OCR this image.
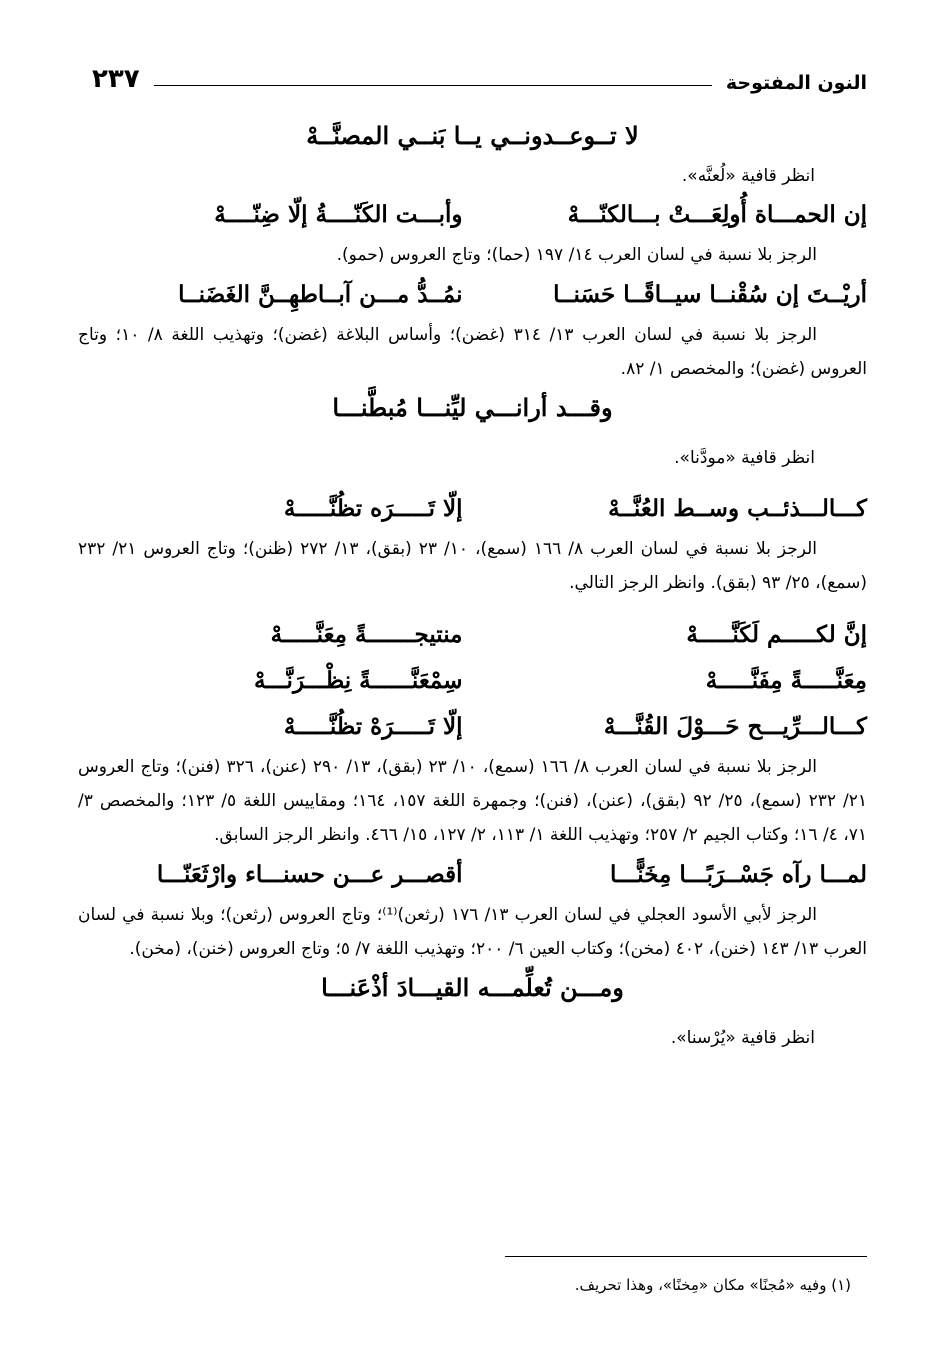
النون المفتوحة
٢٣٧
لا تــوعــدونــي يــا بَنــي المصنَّــهْ
انظر قافية «لُعنَّه».
إن الحمـــاة أُولِعَـــتْ بـــالكنّـــهْ
وأبـــت الكَنّــــةُ إلّا ضِنّــــهْ
الرجز بلا نسبة في لسان العرب ١٤/ ١٩٧ (حما)؛ وتاج العروس (حمو).
أريْــتَ إن سُقْنــا سيــاقًــا حَسَنــا
نمُــدُّ مـــن آبــاطهِــنَّ الغَضَنــا
الرجز بلا نسبة في لسان العرب ١٣/ ٣١٤ (غضن)؛ وأساس البلاغة (غضن)؛ وتهذيب اللغة ٨/ ١٠؛ وتاج العروس (غضن)؛ والمخصص ١/ ٨٢.
وقـــد أرانـــي ليِّنـــا مُبطَّنـــا
انظر قافية «مودَّنا».
كـــالـــذئــب وســط العُنَّــهْ
إلّا تَـــــرَه تظُنَّـــــهْ
الرجز بلا نسبة في لسان العرب ٨/ ١٦٦ (سمع)، ١٠/ ٢٣ (بقق)، ١٣/ ٢٧٢ (ظنن)؛ وتاج العروس ٢١/ ٢٣٢ (سمع)، ٢٥/ ٩٣ (بقق). وانظر الرجز التالي.
إنَّ لكـــــم لَكَنَّـــــهْ
منتيجـــــــةً مِعَنَّـــــهْ
مِعَنَّـــــةً مِفَنَّـــــهْ
سِمْعَنَّــــــةً نِظْـــرَنَّـــهْ
كـــالـــرِّيـــح حَـــوْلَ القُنَّـــهْ
إلّا تَـــــرَهْ تظُنَّـــــهْ
الرجز بلا نسبة في لسان العرب ٨/ ١٦٦ (سمع)، ١٠/ ٢٣ (بقق)، ١٣/ ٢٩٠ (عنن)، ٣٢٦ (فنن)؛ وتاج العروس ٢١/ ٢٣٢ (سمع)، ٢٥/ ٩٢ (بقق)، (عنن)، (فنن)؛ وجمهرة اللغة ١٥٧، ١٦٤؛ ومقاييس اللغة ٥/ ١٢٣؛ والمخصص ٣/ ٧١، ٤/ ١٦؛ وكتاب الجيم ٢/ ٢٥٧؛ وتهذيب اللغة ١/ ١١٣، ٢/ ١٢٧، ١٥/ ٤٦٦. وانظر الرجز السابق.
لمـــا رآه جَسْــرَبًـــا مِخَنًّـــا
أقصـــر عـــن حسنـــاء وارْثَعَنّـــا
الرجز لأبي الأسود العجلي في لسان العرب ١٣/ ١٧٦ (رثعن)⁽¹⁾؛ وتاج العروس (رثعن)؛ وبلا نسبة في لسان العرب ١٣/ ١٤٣ (خنن)، ٤٠٢ (مخن)؛ وكتاب العين ٦/ ٢٠٠؛ وتهذيب اللغة ٧/ ٥؛ وتاج العروس (خنن)، (مخن).
ومـــن تُعلِّمـــه القيـــادَ أذْعَنـــا
انظر قافية «يُرْسنا».
(١) وفيه «مُجنًا» مكان «مِخنًا»، وهذا تحريف.
